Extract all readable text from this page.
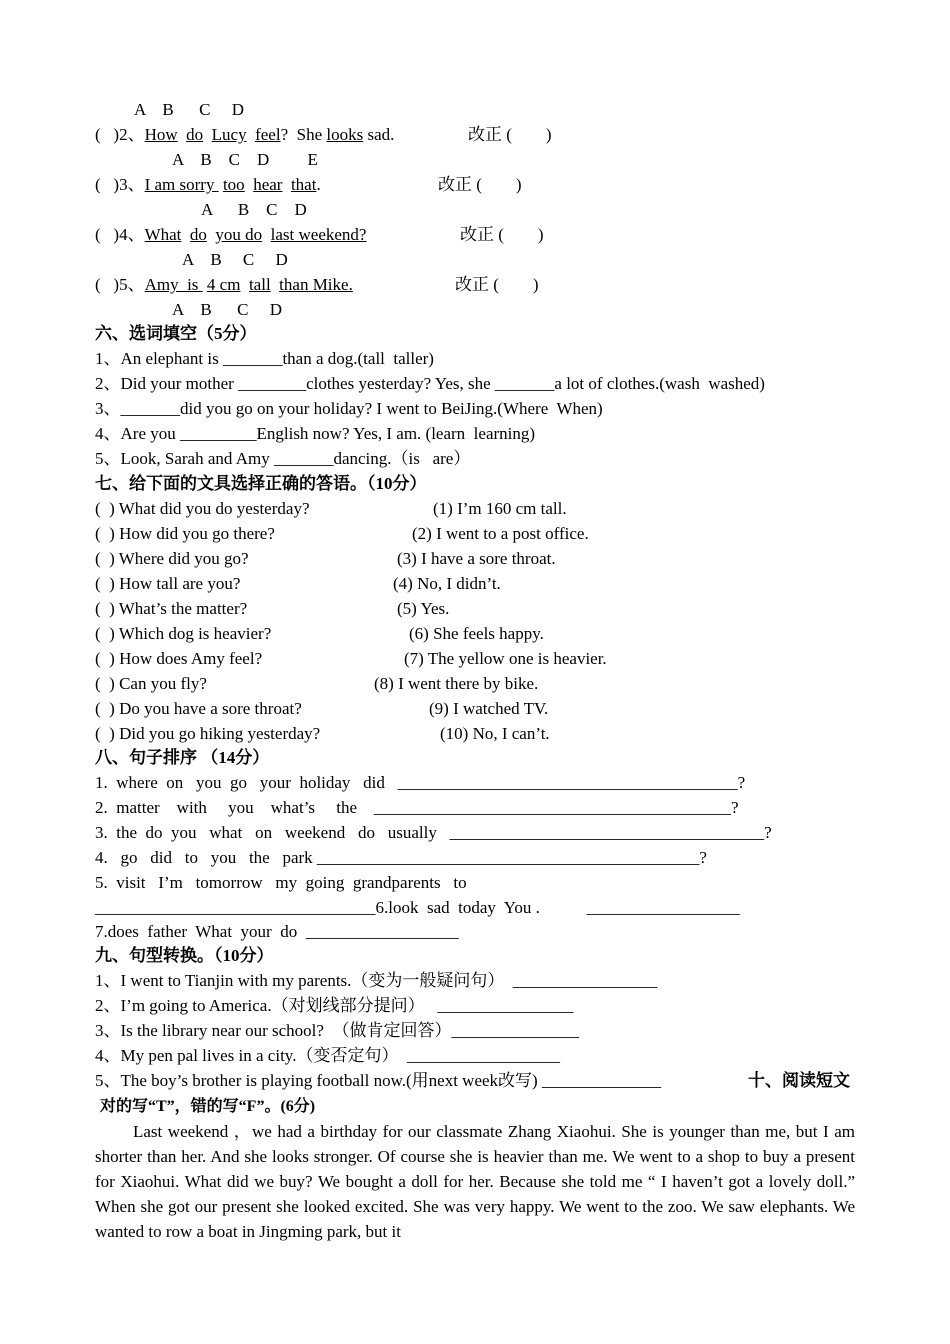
A    B      C     D
(   )2、How do Lucy feel?  She looks sad.	改正 (        )
A    B    C    D         E
(   )3、I am sorry  too hear that.	改正 (        )
A      B    C    D
(   )4、What do you do last weekend?	改正 (        )
A    B     C     D
(   )5、Amy  is  4 cm tall than Mike.	改正 (        )
A    B      C     D
六、选词填空（5分）
1、An elephant is _______than a dog.(tall  taller)
2、Did your mother ________clothes yesterday? Yes, she _______a lot of clothes.(wash  washed)
3、_______did you go on your holiday? I went to BeiJing.(Where  When)
4、Are you _________English now? Yes, I am. (learn  learning)
5、Look, Sarah and Amy _______dancing.（is   are）
七、给下面的文具选择正确的答语。（10分）
(  ) What did you do yesterday?	(1) I’m 160 cm tall.
(  ) How did you go there?	(2) I went to a post office.
(  ) Where did you go?	(3) I have a sore throat.
(  ) How tall are you?	(4) No, I didn’t.
(  ) What’s the matter?	(5) Yes.
(  ) Which dog is heavier?	(6) She feels happy.
(  ) How does Amy feel?	(7) The yellow one is heavier.
(  ) Can you fly?	(8) I went there by bike.
(  ) Do you have a sore throat?	(9) I watched TV.
(  ) Did you go hiking yesterday?	(10) No, I can’t.
八、句子排序 （14分）
1.  where  on   you  go   your  holiday   did   ________________________________________?
2.  matter    with     you    what’s     the    __________________________________________?
3.  the  do  you   what   on   weekend   do   usually   _____________________________________?
4.   go   did   to   you   the   park _____________________________________________?
5.  visit   I’m   tomorrow   my  going  grandparents   to
_________________________________6.look  sad  today  You .           __________________
7.does  father  What  your  do  __________________
九、句型转换。（10分）
1、I went to Tianjin with my parents.（变为一般疑问句）  _________________
2、I’m going to America.（对划线部分提问）   ________________
3、Is the library near our school?  （做肯定回答）_______________
4、My pen pal lives in a city.（变否定句）  __________________
5、The boy’s brother is playing football now.(用next week改写) ______________	十、阅读短文
对的写“T”，错的写“F”。(6分)
Last weekend ，we had a birthday for our classmate Zhang Xiaohui. She is younger than me, but I am shorter than her. And she looks stronger. Of course she is heavier than me. We went to a shop to buy a present for Xiaohui. What did we buy? We bought a doll for her. Because she told me “ I haven’t got a lovely doll.” When she got our present she looked excited. She was very happy. We went to the zoo. We saw elephants. We wanted to row a boat in Jingming park, but it
